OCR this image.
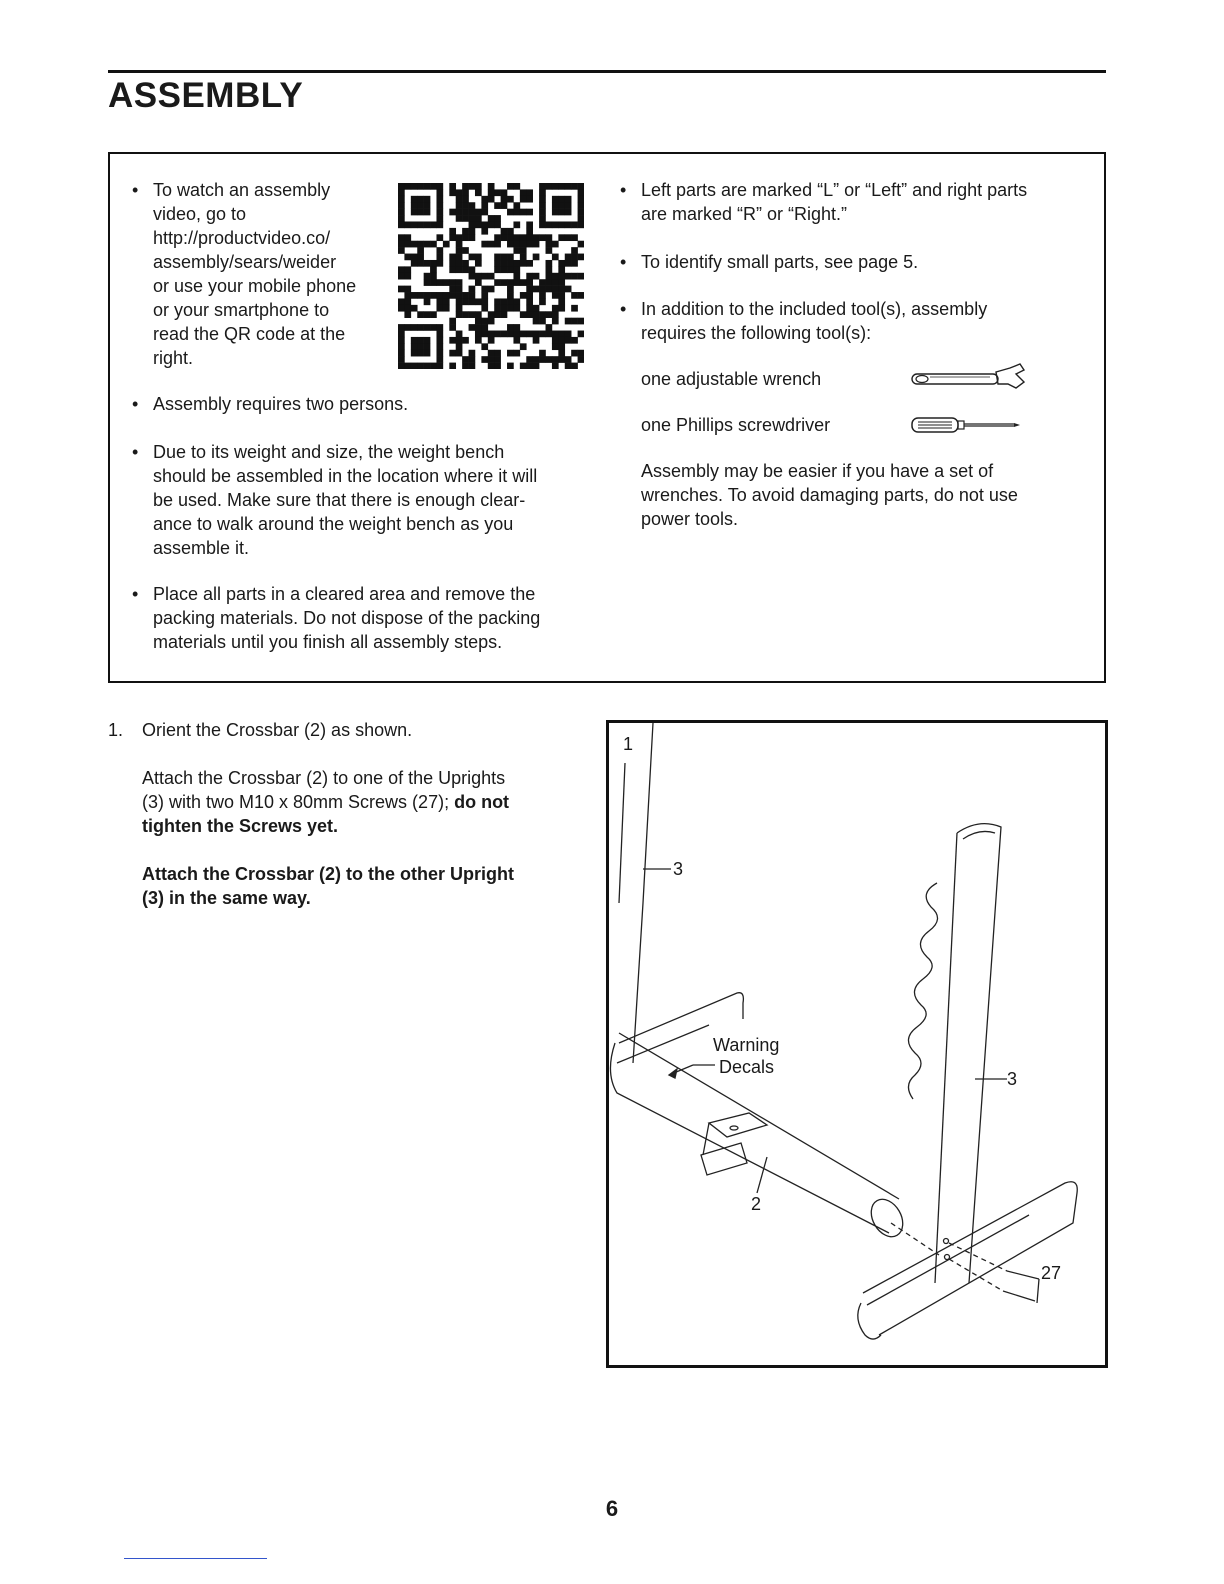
ASSEMBLY
• To watch an assembly
video, go to
http://productvideo.co/
assembly/sears/weider
or use your mobile phone
or your smartphone to
read the QR code at the
right.
• Assembly requires two persons.
• Due to its weight and size, the weight bench
should be assembled in the location where it will
be used. Make sure that there is enough clear-
ance to walk around the weight bench as you
assemble it.
• Place all parts in a cleared area and remove the
packing materials. Do not dispose of the packing
materials until you finish all assembly steps.
• Left parts are marked “L” or “Left” and right parts
are marked “R” or “Right.”
• To identify small parts, see page 5.
• In addition to the included tool(s), assembly
requires the following tool(s):
one adjustable wrench
one Phillips screwdriver
Assembly may be easier if you have a set of
wrenches. To avoid damaging parts, do not use
power tools.
1. Orient the Crossbar (2) as shown.

Attach the Crossbar (2) to one of the Uprights
(3) with two M10 x 80mm Screws (27); do not
tighten the Screws yet.

Attach the Crossbar (2) to the other Upright
(3) in the same way.

1
3
3
2
27
Warning
Decals
6
